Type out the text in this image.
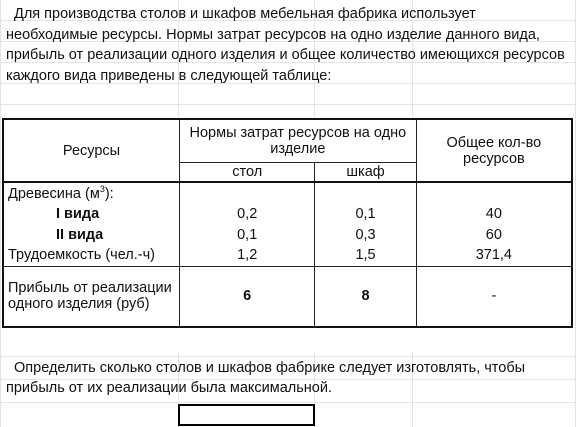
Для производства столов и шкафов мебельная фабрика использует необходимые ресурсы. Нормы затрат ресурсов на одно изделие данного вида, прибыль от реализации одного изделия и общее количество имеющихся ресурсов каждого вида приведены в следующей таблице:

Ресурсы	Нормы затрат ресурсов на одно изделие		Общее кол-во ресурсов
	стол	шкаф	
Древесина $(м^3)$:			
I вида	0,2	0,1	40
II вида	0,1	0,3	60
Трудоемкость (чел.-ч)	1,2	1,5	371,4
Прибыль от реализации одного изделия (руб)	6	8	-

Определить сколько столов и шкафов фабрике следует изготовлять, чтобы прибыль от их реализации была максимальной.
